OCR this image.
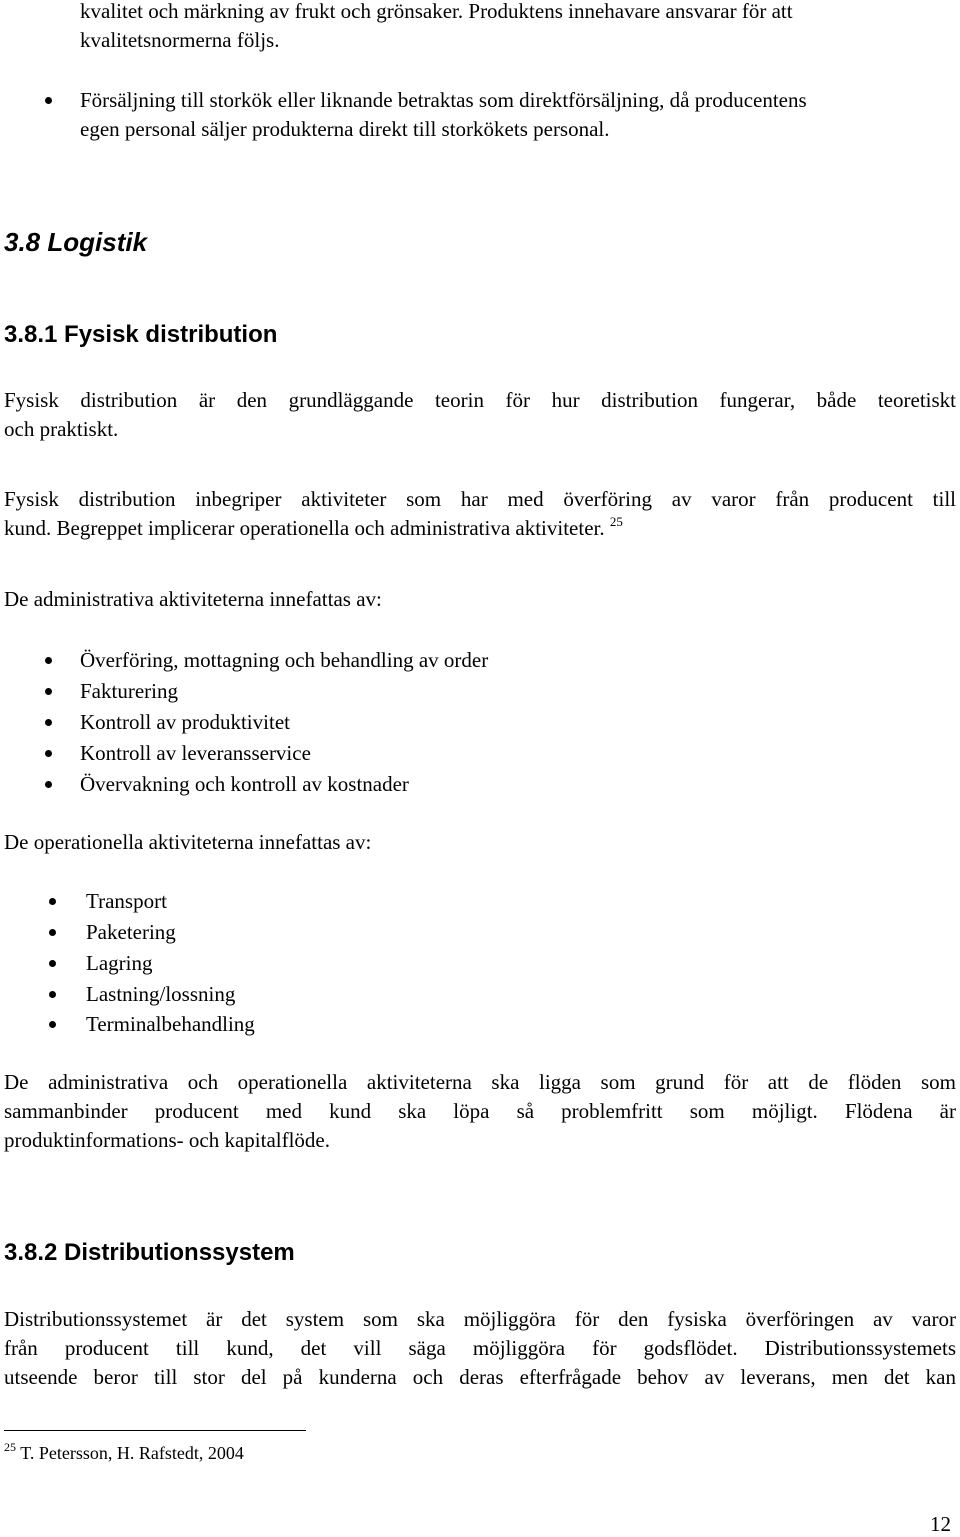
kvalitet och märkning av frukt och grönsaker. Produktens innehavare ansvarar för att
kvalitetsnormerna följs.
Försäljning till storkök eller liknande betraktas som direktförsäljning, då producentens
egen personal säljer produkterna direkt till storkökets personal.
3.8 Logistik
3.8.1 Fysisk distribution
Fysisk distribution är den grundläggande teorin för hur distribution fungerar, både teoretiskt
och praktiskt.
Fysisk distribution inbegriper aktiviteter som har med överföring av varor från producent till
kund. Begreppet implicerar operationella och administrativa aktiviteter. $^{25}$
De administrativa aktiviteterna innefattas av:
Överföring, mottagning och behandling av order
Fakturering
Kontroll av produktivitet
Kontroll av leveransservice
Övervakning och kontroll av kostnader
De operationella aktiviteterna innefattas av:
Transport
Paketering
Lagring
Lastning/lossning
Terminalbehandling
De administrativa och operationella aktiviteterna ska ligga som grund för att de flöden som
sammanbinder producent med kund ska löpa så problemfritt som möjligt. Flödena är
produktinformations- och kapitalflöde.
3.8.2 Distributionssystem
Distributionssystemet är det system som ska möjliggöra för den fysiska överföringen av varor
från producent till kund, det vill säga möjliggöra för godsflödet. Distributionssystemets
utseende beror till stor del på kunderna och deras efterfrågade behov av leverans, men det kan
$^{25}$ T. Petersson, H. Rafstedt, 2004
12
